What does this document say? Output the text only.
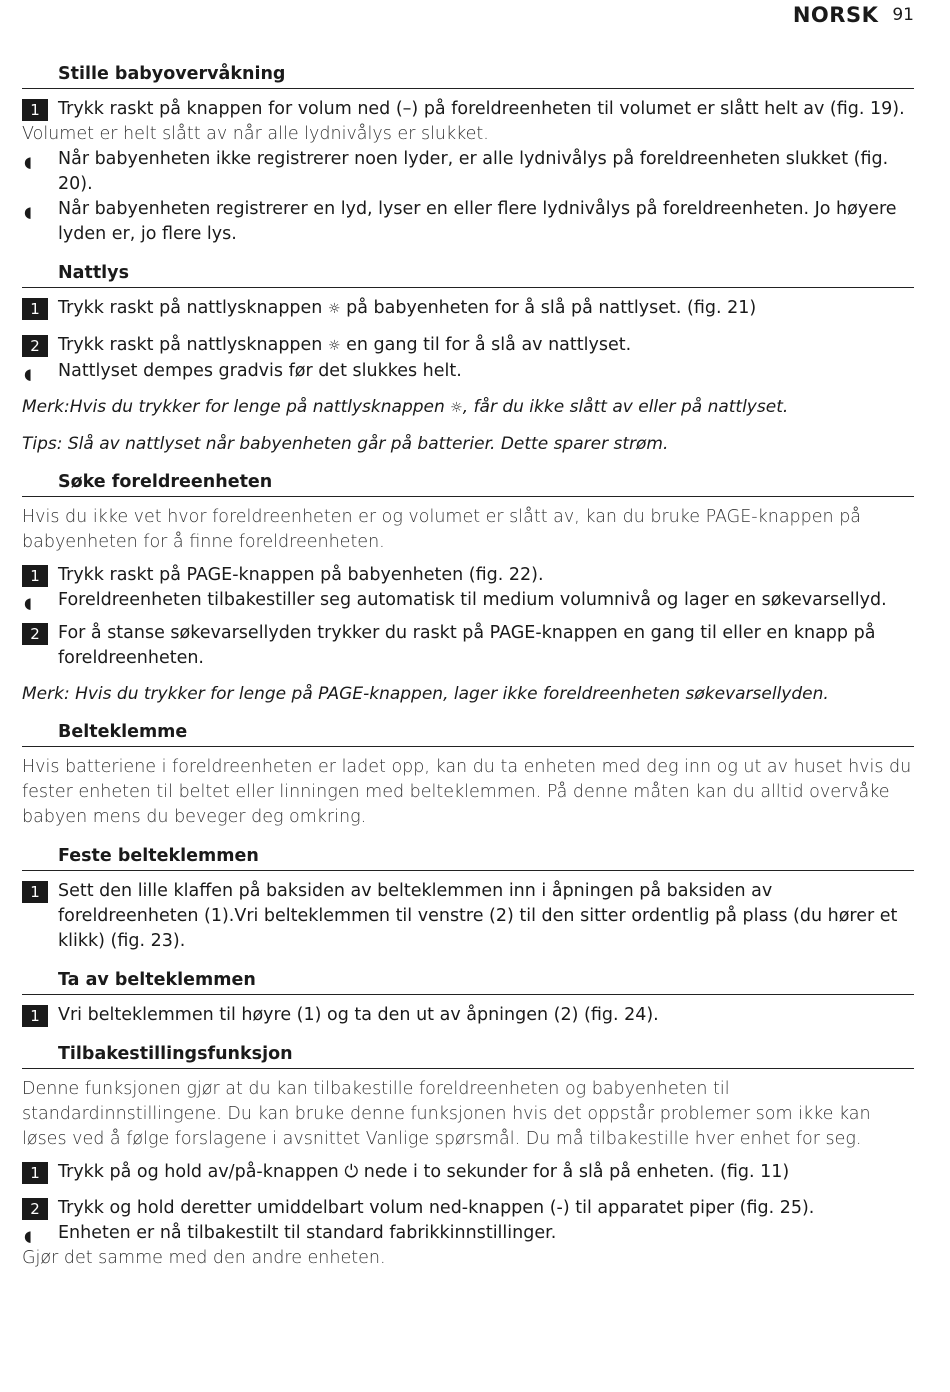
NORSK 91
Stille babyovervåkning
1	Trykk raskt på knappen for volum ned (–) på foreldreenheten til volumet er slått helt av (fig. 19).
Volumet er helt slått av når alle lydnivålys er slukket.
◖ Når babyenheten ikke registrerer noen lyder, er alle lydnivålys på foreldreenheten slukket (fig. 20).
◖ Når babyenheten registrerer en lyd, lyser en eller flere lydnivålys på foreldreenheten. Jo høyere lyden er, jo flere lys.
Nattlys
1	Trykk raskt på nattlysknappen ☼ på babyenheten for å slå på nattlyset. (fig. 21)
2	Trykk raskt på nattlysknappen ☼ en gang til for å slå av nattlyset.
◖ Nattlyset dempes gradvis før det slukkes helt.
Merk:Hvis du trykker for lenge på nattlysknappen ☼, får du ikke slått av eller på nattlyset.
Tips: Slå av nattlyset når babyenheten går på batterier. Dette sparer strøm.
Søke foreldreenheten
Hvis du ikke vet hvor foreldreenheten er og volumet er slått av, kan du bruke PAGE-knappen på babyenheten for å finne foreldreenheten.
1	Trykk raskt på PAGE-knappen på babyenheten (fig. 22).
◖ Foreldreenheten tilbakestiller seg automatisk til medium volumnivå og lager en søkevarsellyd.
2	For å stanse søkevarsellyden trykker du raskt på PAGE-knappen en gang til eller en knapp på foreldreenheten.
Merk: Hvis du trykker for lenge på PAGE-knappen, lager ikke foreldreenheten søkevarsellyden.
Belteklemme
Hvis batteriene i foreldreenheten er ladet opp, kan du ta enheten med deg inn og ut av huset hvis du fester enheten til beltet eller linningen med belteklemmen. På denne måten kan du alltid overvåke babyen mens du beveger deg omkring.
Feste belteklemmen
1	Sett den lille klaffen på baksiden av belteklemmen inn i åpningen på baksiden av foreldreenheten (1).Vri belteklemmen til venstre (2) til den sitter ordentlig på plass (du hører et klikk) (fig. 23).
Ta av belteklemmen
1	Vri belteklemmen til høyre (1) og ta den ut av åpningen (2) (fig. 24).
Tilbakestillingsfunksjon
Denne funksjonen gjør at du kan tilbakestille foreldreenheten og babyenheten til standardinnstillingene. Du kan bruke denne funksjonen hvis det oppstår problemer som ikke kan løses ved å følge forslagene i avsnittet Vanlige spørsmål. Du må tilbakestille hver enhet for seg.
1	Trykk på og hold av/på-knappen ⏻ nede i to sekunder for å slå på enheten. (fig. 11)
2	Trykk og hold deretter umiddelbart volum ned-knappen (-) til apparatet piper (fig. 25).
◖ Enheten er nå tilbakestilt til standard fabrikkinnstillinger.
Gjør det samme med den andre enheten.
